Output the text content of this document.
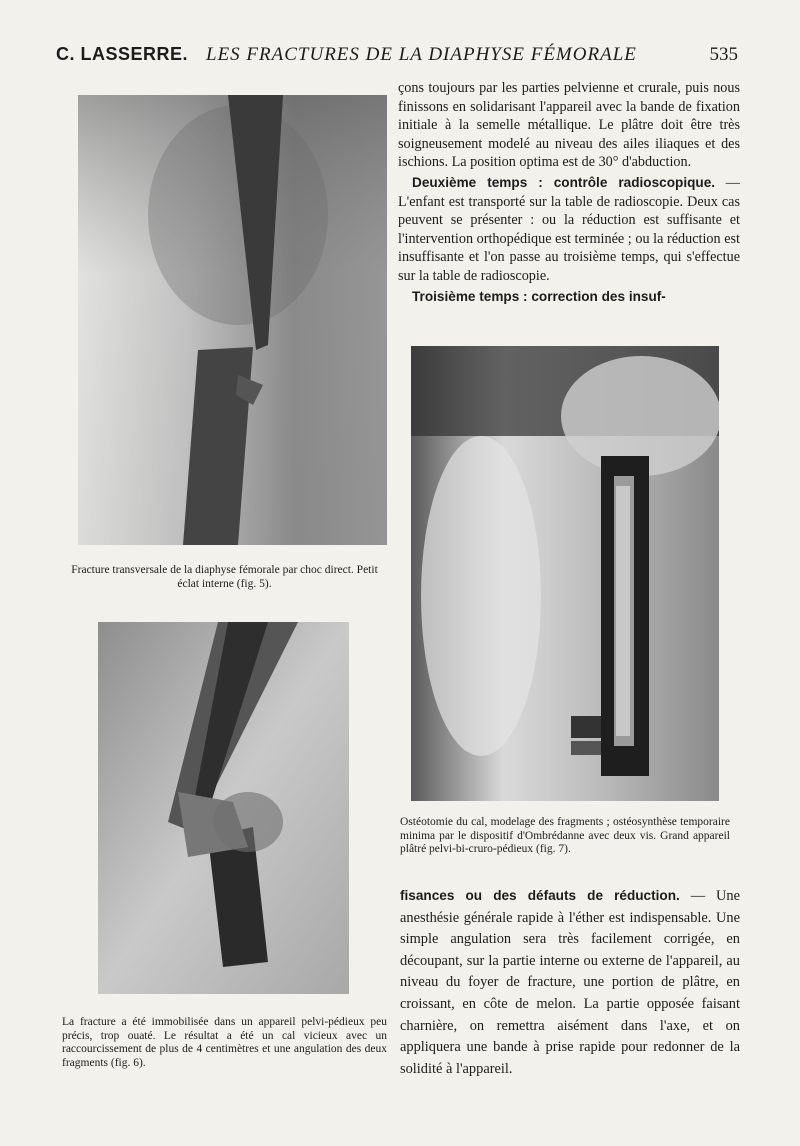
C. LASSERRE. LES FRACTURES DE LA DIAPHYSE FÉMORALE	535
Fracture transversale de la diaphyse fémorale par choc direct. Petit éclat interne (fig. 5).
La fracture a été immobilisée dans un appareil pelvi-pédieux peu précis, trop ouaté. Le résultat a été un cal vicieux avec un raccourcissement de plus de 4 centimètres et une angulation des deux fragments (fig. 6).
Ostéotomie du cal, modelage des fragments ; ostéosynthèse temporaire minima par le dispositif d'Ombrédanne avec deux vis. Grand appareil plâtré pelvi-bi-cruro-pédieux (fig. 7).

çons toujours par les parties pelvienne et crurale, puis nous finissons en solidarisant l'appareil avec la bande de fixation initiale à la semelle métallique. Le plâtre doit être très soigneusement modelé au niveau des ailes iliaques et des ischions. La position optima est de 30° d'abduction.

Deuxième temps : contrôle radioscopique. — L'enfant est transporté sur la table de radioscopie. Deux cas peuvent se présenter : ou la réduction est suffisante et l'intervention orthopédique est terminée ; ou la réduction est insuffisante et l'on passe au troisième temps, qui s'effectue sur la table de radioscopie.

Troisième temps : correction des insuf-

fisances ou des défauts de réduction. — Une anesthésie générale rapide à l'éther est indispensable. Une simple angulation sera très facilement corrigée, en découpant, sur la partie interne ou externe de l'appareil, au niveau du foyer de fracture, une portion de plâtre, en croissant, en côte de melon. La partie opposée faisant charnière, on remettra aisément dans l'axe, et on appliquera une bande à prise rapide pour redonner de la solidité à l'appareil.
